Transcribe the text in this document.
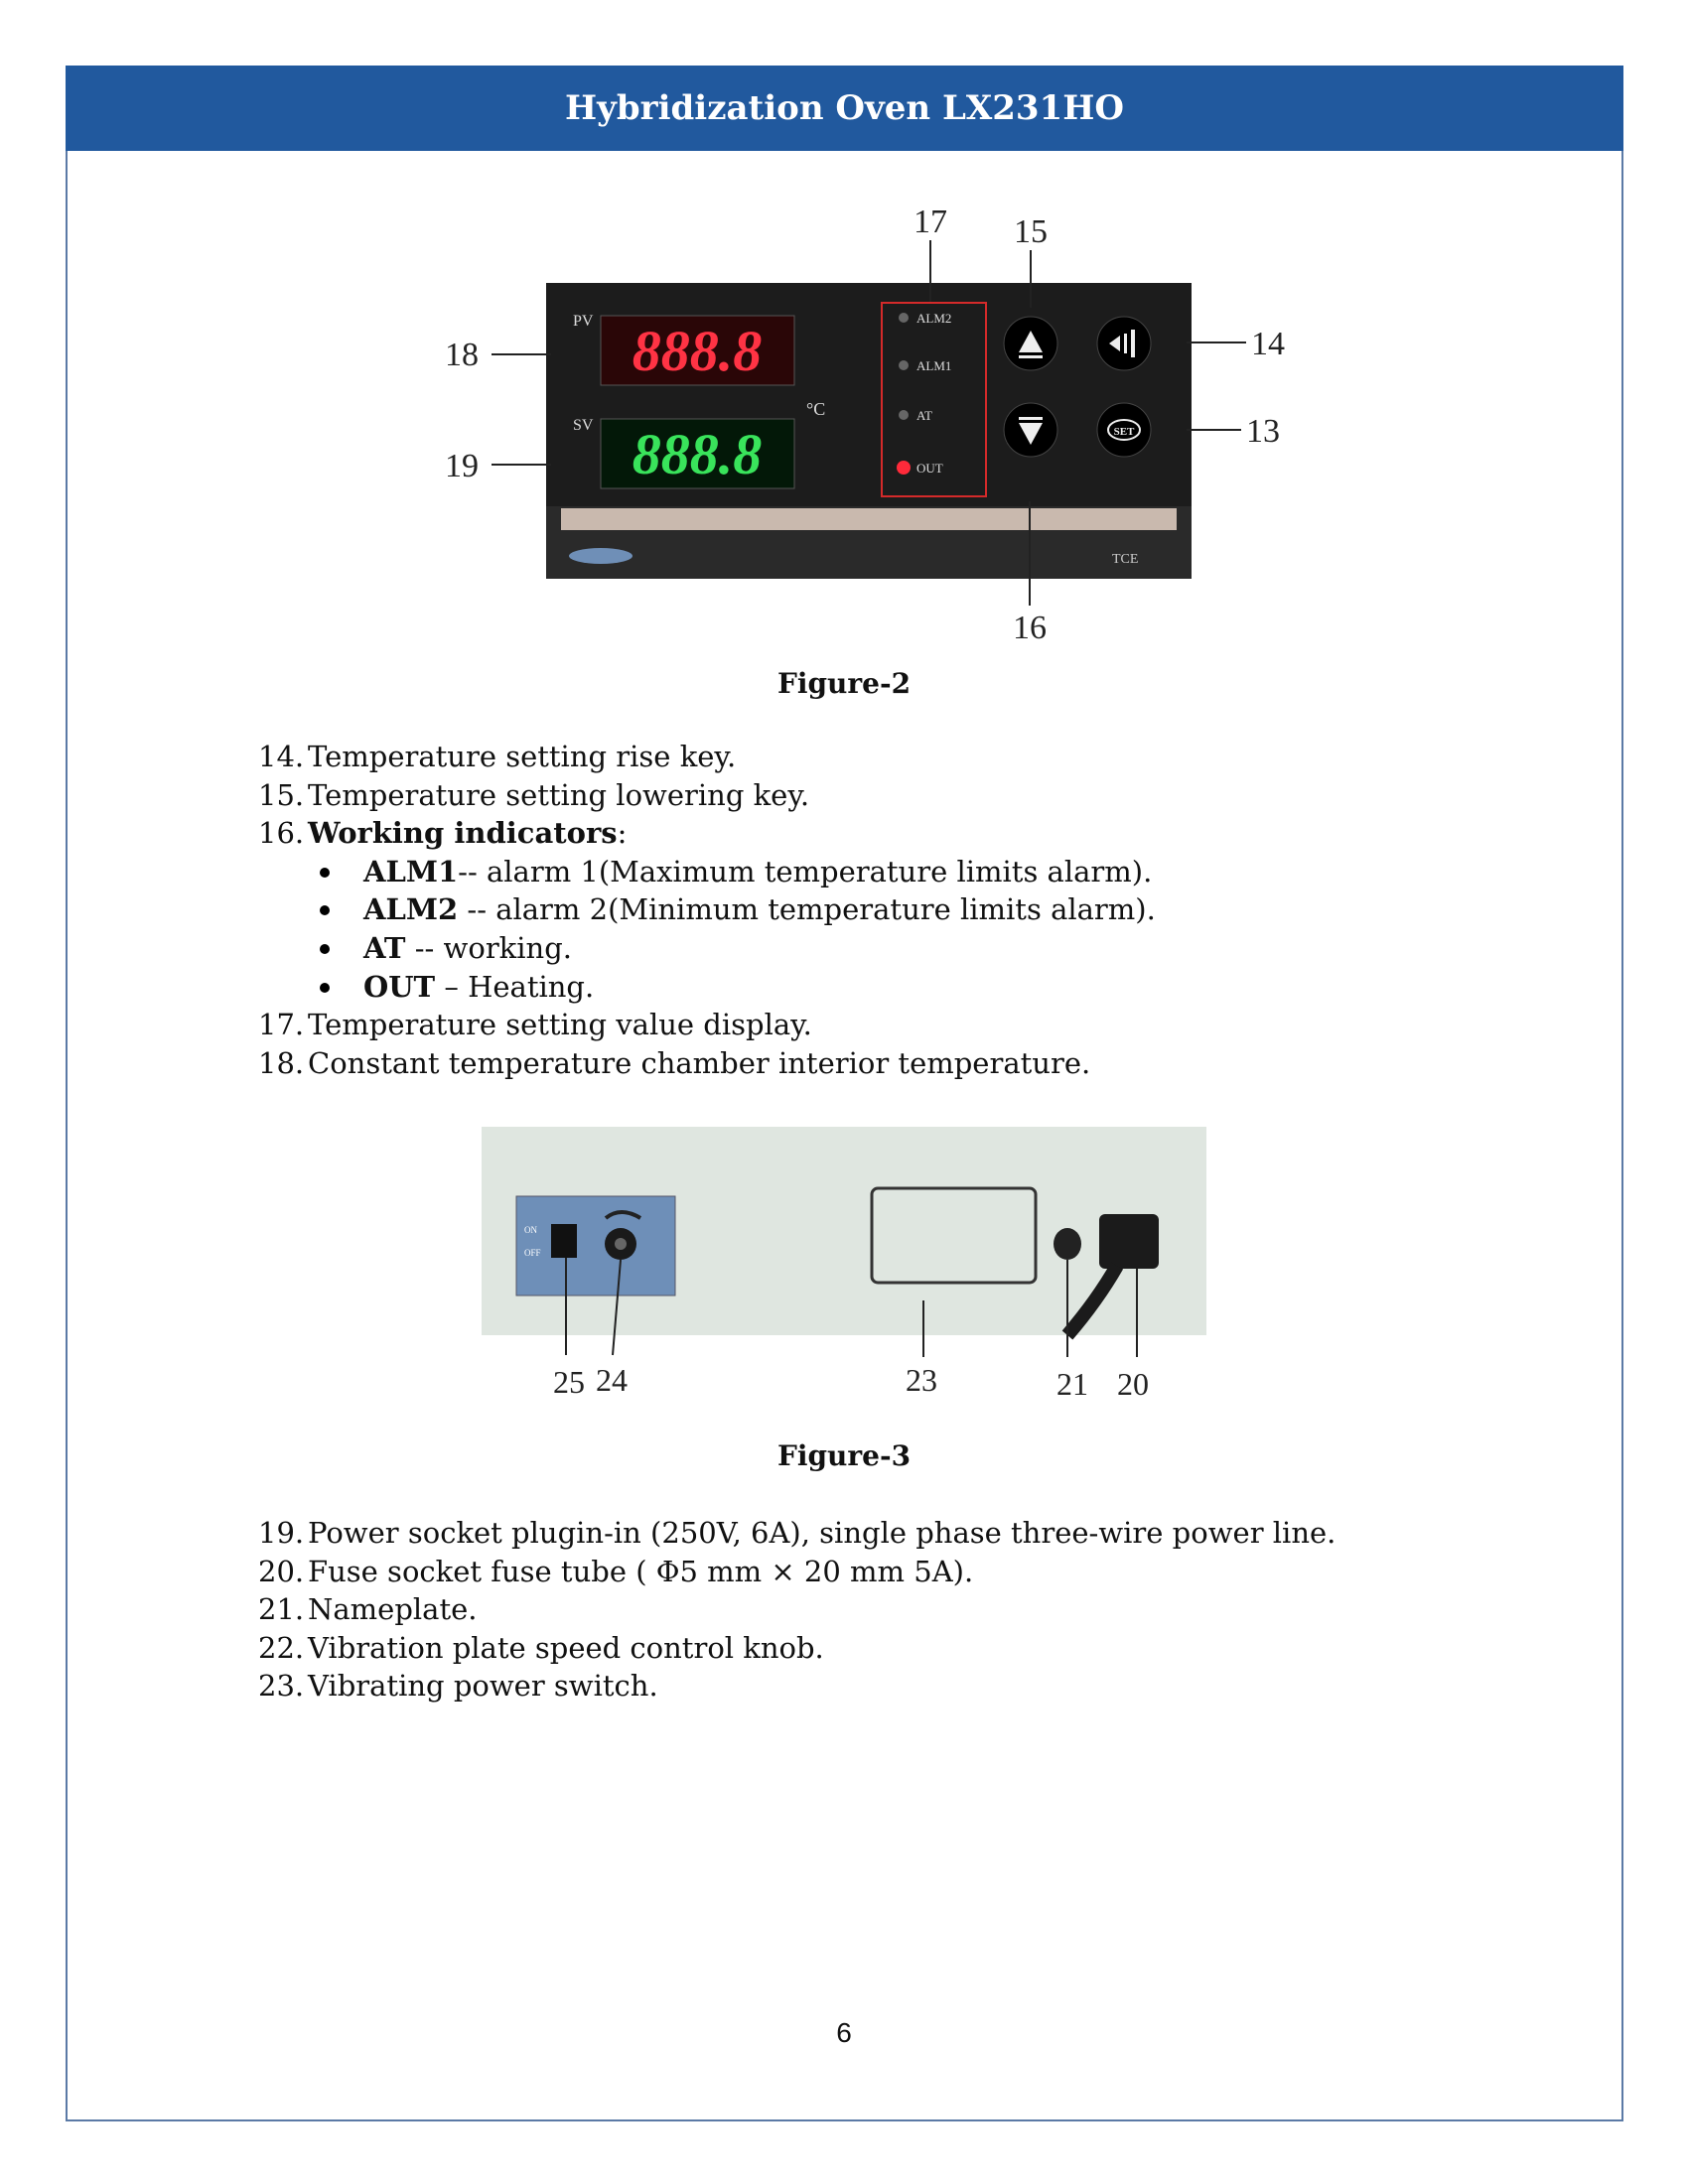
Hybridization Oven LX231HO
17 15
14
18
13
19
16
PV
SV
888.8
888.8
°C
ALM2
ALM1
AT
OUT
SET
TCE
Figure-2
14. Temperature setting rise key.
15. Temperature setting lowering key.
16. Working indicators:
ALM1-- alarm 1(Maximum temperature limits alarm).
ALM2 -- alarm 2(Minimum temperature limits alarm).
AT -- working.
OUT – Heating.
17. Temperature setting value display.
18. Constant temperature chamber interior temperature.
ON
OFF
25 24	23	21 20
Figure-3
19. Power socket plugin-in (250V, 6A), single phase three-wire power line.
20. Fuse socket fuse tube ( Φ5 mm × 20 mm 5A).
21. Nameplate.
22. Vibration plate speed control knob.
23. Vibrating power switch.
6
